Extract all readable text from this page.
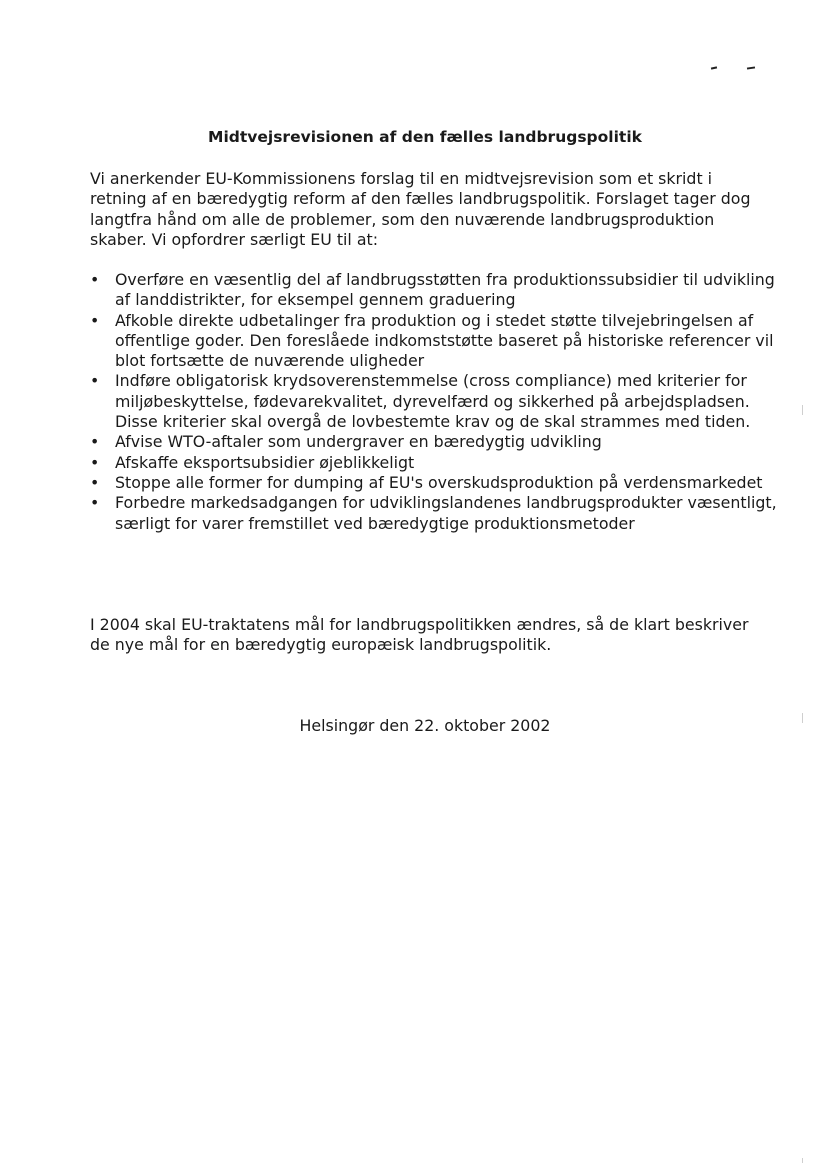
Midtvejsrevisionen af den fælles landbrugspolitik

Vi anerkender EU-Kommissionens forslag til en midtvejsrevision som et skridt i retning af en bæredygtig reform af den fælles landbrugspolitik. Forslaget tager dog langtfra hånd om alle de problemer, som den nuværende landbrugsproduktion skaber. Vi opfordrer særligt EU til at:

• Overføre en væsentlig del af landbrugsstøtten fra produktionssubsidier til udvikling af landdistrikter, for eksempel gennem graduering
• Afkoble direkte udbetalinger fra produktion og i stedet støtte tilvejebringelsen af offentlige goder. Den foreslåede indkomststøtte baseret på historiske referencer vil blot fortsætte de nuværende uligheder
• Indføre obligatorisk krydsoverenstemmelse (cross compliance) med kriterier for miljøbeskyttelse, fødevarekvalitet, dyrevelfærd og sikkerhed på arbejdspladsen. Disse kriterier skal overgå de lovbestemte krav og de skal strammes med tiden.
• Afvise WTO-aftaler som undergraver en bæredygtig udvikling
• Afskaffe eksportsubsidier øjeblikkeligt
• Stoppe alle former for dumping af EU's overskudsproduktion på verdensmarkedet
• Forbedre markedsadgangen for udviklingslandenes landbrugsprodukter væsentligt, særligt for varer fremstillet ved bæredygtige produktionsmetoder

I 2004 skal EU-traktatens mål for landbrugspolitikken ændres, så de klart beskriver de nye mål for en bæredygtig europæisk landbrugspolitik.

Helsingør den 22. oktober 2002
